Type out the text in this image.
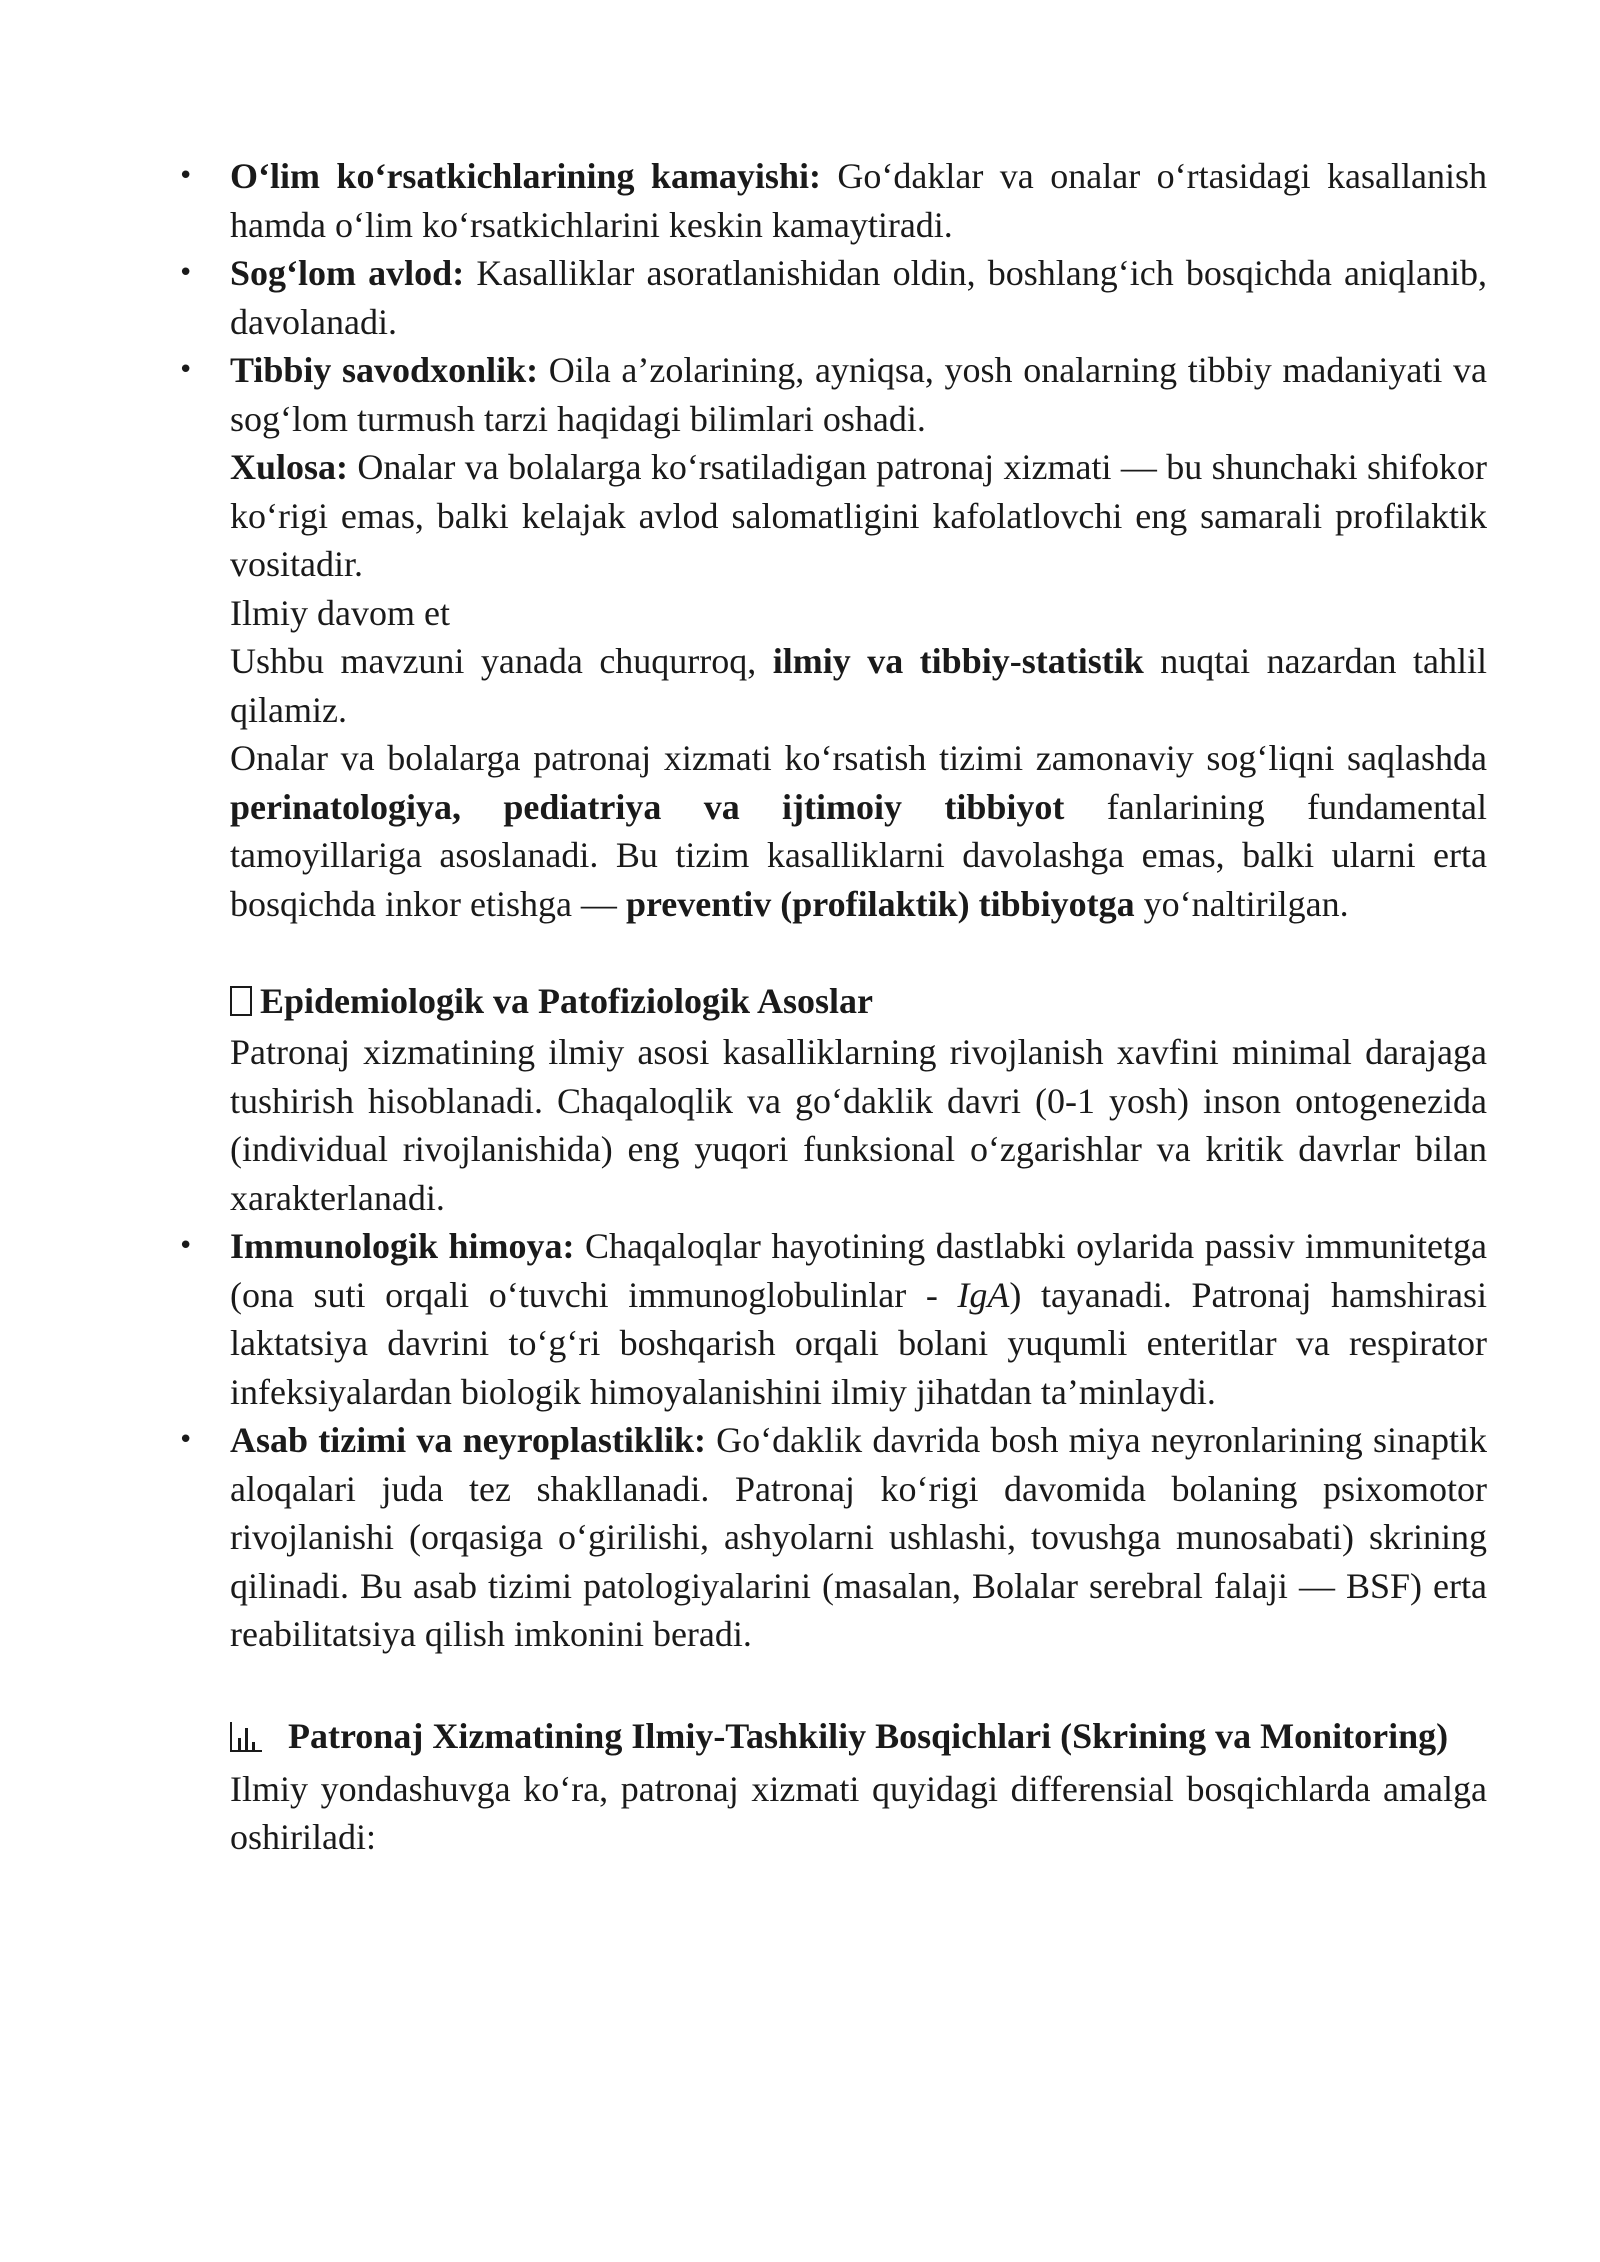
• O‘lim ko‘rsatkichlarining kamayishi: Go‘daklar va onalar o‘rtasidagi kasallanish hamda o‘lim ko‘rsatkichlarini keskin kamaytiradi.
• Sog‘lom avlod: Kasalliklar asoratlanishidan oldin, boshlang‘ich bosqichda aniqlanib, davolanadi.
• Tibbiy savodxonlik: Oila a’zolarining, ayniqsa, yosh onalarning tibbiy madaniyati va sog‘lom turmush tarzi haqidagi bilimlari oshadi.

Xulosa: Onalar va bolalarga ko‘rsatiladigan patronaj xizmati — bu shunchaki shifokor ko‘rigi emas, balki kelajak avlod salomatligini kafolatlovchi eng samarali profilaktik vositadir.

Ilmiy davom et

Ushbu mavzuni yanada chuqurroq, ilmiy va tibbiy-statistik nuqtai nazardan tahlil qilamiz.

Onalar va bolalarga patronaj xizmati ko‘rsatish tizimi zamonaviy sog‘liqni saqlashda perinatologiya, pediatriya va ijtimoiy tibbiyot fanlarining fundamental tamoyillariga asoslanadi. Bu tizim kasalliklarni davolashga emas, balki ularni erta bosqichda inkor etishga — preventiv (profilaktik) tibbiyotga yo‘naltirilgan.

Epidemiologik va Patofiziologik Asoslar

Patronaj xizmatining ilmiy asosi kasalliklarning rivojlanish xavfini minimal darajaga tushirish hisoblanadi. Chaqaloqlik va go‘daklik davri (0-1 yosh) inson ontogenezida (individual rivojlanishida) eng yuqori funksional o‘zgarishlar va kritik davrlar bilan xarakterlanadi.

• Immunologik himoya: Chaqaloqlar hayotining dastlabki oylarida passiv immunitetga (ona suti orqali o‘tuvchi immunoglobulinlar - IgA) tayanadi. Patronaj hamshirasi laktatsiya davrini to‘g‘ri boshqarish orqali bolani yuqumli enteritlar va respirator infeksiyalardan biologik himoyalanishini ilmiy jihatdan ta’minlaydi.
• Asab tizimi va neyroplastiklik: Go‘daklik davrida bosh miya neyronlarining sinaptik aloqalari juda tez shakllanadi. Patronaj ko‘rigi davomida bolaning psixomotor rivojlanishi (orqasiga o‘girilishi, ashyolarni ushlashi, tovushga munosabati) skrining qilinadi. Bu asab tizimi patologiyalarini (masalan, Bolalar serebral falaji — BSF) erta reabilitatsiya qilish imkonini beradi.
Patronaj Xizmatining Ilmiy-Tashkiliy Bosqichlari (Skrining va Monitoring)

Ilmiy yondashuvga ko‘ra, patronaj xizmati quyidagi differensial bosqichlarda amalga oshiriladi:
